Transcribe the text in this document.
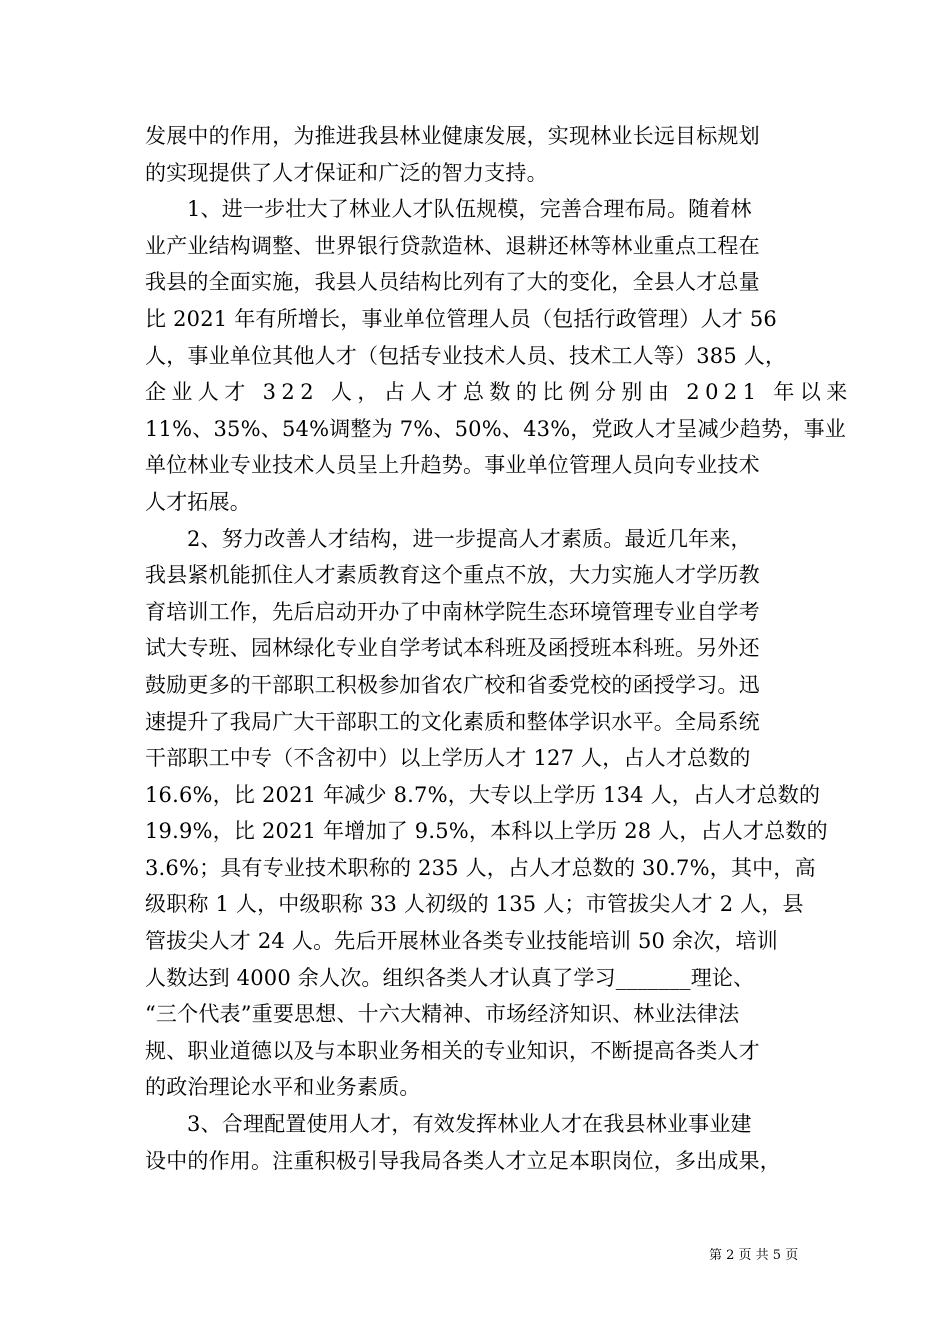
发展中的作用，为推进我县林业健康发展，实现林业长远目标规划
的实现提供了人才保证和广泛的智力支持。
1、进一步壮大了林业人才队伍规模，完善合理布局。随着林
业产业结构调整、世界银行贷款造林、退耕还林等林业重点工程在
我县的全面实施，我县人员结构比列有了大的变化，全县人才总量
比 2021 年有所增长，事业单位管理人员（包括行政管理）人才 56
人，事业单位其他人才（包括专业技术人员、技术工人等）385 人，
企业人才 322 人，占人才总数的比例分别由 2021 年以来
11%、35%、54%调整为 7%、50%、43%，党政人才呈减少趋势，事业
单位林业专业技术人员呈上升趋势。事业单位管理人员向专业技术
人才拓展。
2、努力改善人才结构，进一步提高人才素质。最近几年来，
我县紧机能抓住人才素质教育这个重点不放，大力实施人才学历教
育培训工作，先后启动开办了中南林学院生态环境管理专业自学考
试大专班、园林绿化专业自学考试本科班及函授班本科班。另外还
鼓励更多的干部职工积极参加省农广校和省委党校的函授学习。迅
速提升了我局广大干部职工的文化素质和整体学识水平。全局系统
干部职工中专（不含初中）以上学历人才 127 人，占人才总数的
16.6%，比 2021 年减少 8.7%，大专以上学历 134 人，占人才总数的
19.9%，比 2021 年增加了 9.5%，本科以上学历 28 人，占人才总数的
3.6%；具有专业技术职称的 235 人，占人才总数的 30.7%，其中，高
级职称 1 人，中级职称 33 人初级的 135 人；市管拔尖人才 2 人，县
管拔尖人才 24 人。先后开展林业各类专业技能培训 50 余次，培训
人数达到 4000 余人次。组织各类人才认真了学习_______理论、
“三个代表”重要思想、十六大精神、市场经济知识、林业法律法
规、职业道德以及与本职业务相关的专业知识，不断提高各类人才
的政治理论水平和业务素质。
3、合理配置使用人才，有效发挥林业人才在我县林业事业建
设中的作用。注重积极引导我局各类人才立足本职岗位，多出成果，
第 2 页 共 5 页
